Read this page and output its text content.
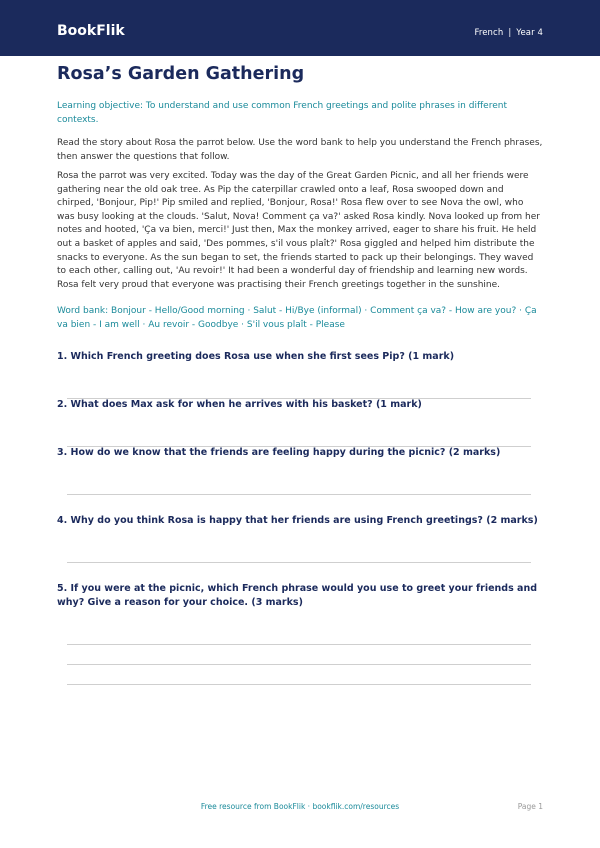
BookFlik	French | Year 4
Rosa’s Garden Gathering

Learning objective: To understand and use common French greetings and polite phrases in different contexts.

Read the story about Rosa the parrot below. Use the word bank to help you understand the French phrases, then answer the questions that follow.

Rosa the parrot was very excited. Today was the day of the Great Garden Picnic, and all her friends were gathering near the old oak tree. As Pip the caterpillar crawled onto a leaf, Rosa swooped down and chirped, 'Bonjour, Pip!' Pip smiled and replied, 'Bonjour, Rosa!' Rosa flew over to see Nova the owl, who was busy looking at the clouds. 'Salut, Nova! Comment ça va?' asked Rosa kindly. Nova looked up from her notes and hooted, 'Ça va bien, merci!' Just then, Max the monkey arrived, eager to share his fruit. He held out a basket of apples and said, 'Des pommes, s'il vous plaît?' Rosa giggled and helped him distribute the snacks to everyone. As the sun began to set, the friends started to pack up their belongings. They waved to each other, calling out, 'Au revoir!' It had been a wonderful day of friendship and learning new words. Rosa felt very proud that everyone was practising their French greetings together in the sunshine.

Word bank: Bonjour - Hello/Good morning · Salut - Hi/Bye (informal) · Comment ça va? - How are you? · Ça va bien - I am well · Au revoir - Goodbye · S'il vous plaît - Please

1. Which French greeting does Rosa use when she first sees Pip? (1 mark)
2. What does Max ask for when he arrives with his basket? (1 mark)
3. How do we know that the friends are feeling happy during the picnic? (2 marks)
4. Why do you think Rosa is happy that her friends are using French greetings? (2 marks)
5. If you were at the picnic, which French phrase would you use to greet your friends and why? Give a reason for your choice. (3 marks)
Free resource from BookFlik · bookflik.com/resources	Page 1
